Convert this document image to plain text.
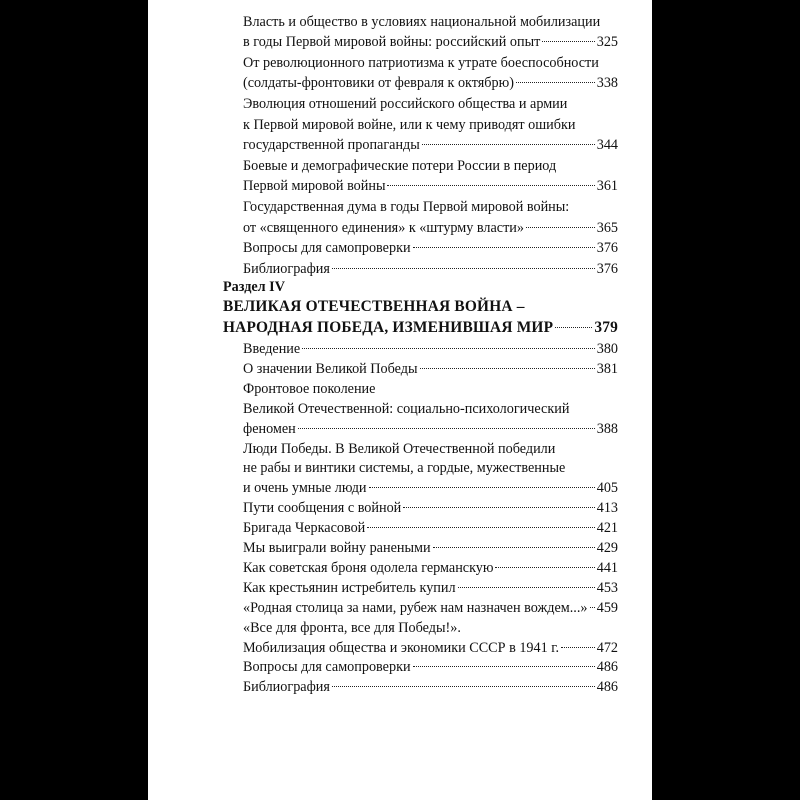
Власть и общество в условиях национальной мобилизации
в годы Первой мировой войны: российский опыт	325
От революционного патриотизма к утрате боеспособности
(солдаты-фронтовики от февраля к октябрю)	338
Эволюция отношений российского общества и армии
к Первой мировой войне, или к чему приводят ошибки
государственной пропаганды	344
Боевые и демографические потери России в период
Первой мировой войны	361
Государственная дума в годы Первой мировой войны:
от «священного единения» к «штурму власти»	365
Вопросы для самопроверки	376
Библиография	376
Раздел IV
ВЕЛИКАЯ ОТЕЧЕСТВЕННАЯ ВОЙНА –
НАРОДНАЯ ПОБЕДА, ИЗМЕНИВШАЯ МИР	379
Введение	380
О значении Великой Победы	381
Фронтовое поколение
Великой Отечественной: социально-психологический
феномен	388
Люди Победы. В Великой Отечественной победили
не рабы и винтики системы, а гордые, мужественные
и очень умные люди	405
Пути сообщения с войной	413
Бригада Черкасовой	421
Мы выиграли войну ранеными	429
Как советская броня одолела германскую	441
Как крестьянин истребитель купил	453
«Родная столица за нами, рубеж нам назначен вождем...» 459
«Все для фронта, все для Победы!».
Мобилизация общества и экономики СССР в 1941 г.	472
Вопросы для самопроверки	486
Библиография	486
